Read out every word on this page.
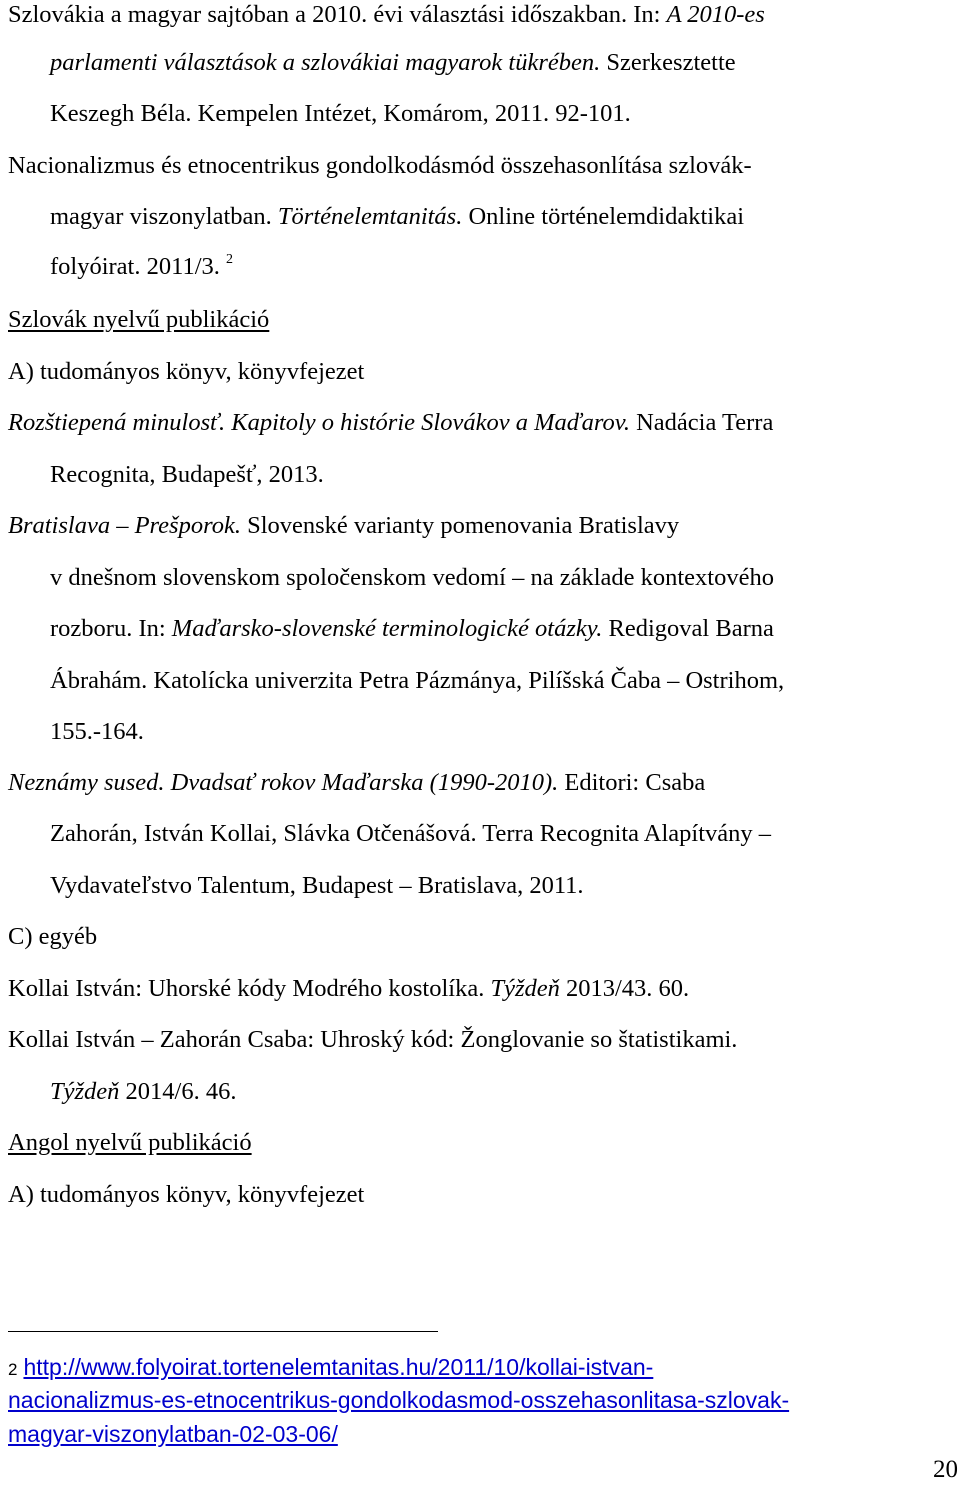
Szlovákia a magyar sajtóban a 2010. évi választási időszakban. In: A 2010-es
parlamenti választások a szlovákiai magyarok tükrében. Szerkesztette
Keszegh Béla. Kempelen Intézet, Komárom, 2011. 92-101.
Nacionalizmus és etnocentrikus gondolkodásmód összehasonlítása szlovák-
magyar viszonylatban. Történelemtanitás. Online történelemdidaktikai
folyóirat. 2011/3. $^2$
Szlovák nyelvű publikáció
A) tudományos könyv, könyvfejezet
Rozštiepená minulosť. Kapitoly o histórie Slovákov a Maďarov. Nadácia Terra
Recognita, Budapešť, 2013.
Bratislava – Prešporok. Slovenské varianty pomenovania Bratislavy
v dnešnom slovenskom spoločenskom vedomí – na základe kontextového
rozboru. In: Maďarsko-slovenské terminologické otázky. Redigoval Barna
Ábrahám. Katolícka univerzita Petra Pázmánya, Pilíšská Čaba – Ostrihom,
155.-164.
Neznámy sused. Dvadsať rokov Maďarska (1990-2010). Editori: Csaba
Zahorán, István Kollai, Slávka Otčenášová. Terra Recognita Alapítvány –
Vydavateľstvo Talentum, Budapest – Bratislava, 2011.
C) egyéb
Kollai István: Uhorské kódy Modrého kostolíka. Týždeň 2013/43. 60.
Kollai István – Zahorán Csaba: Uhroský kód: Žonglovanie so štatistikami.
Týždeň 2014/6. 46.
Angol nyelvű publikáció
A) tudományos könyv, könyvfejezet
2 http://www.folyoirat.tortenelemtanitas.hu/2011/10/kollai-istvan-
nacionalizmus-es-etnocentrikus-gondolkodasmod-osszehasonlitasa-szlovak-
magyar-viszonylatban-02-03-06/
20
